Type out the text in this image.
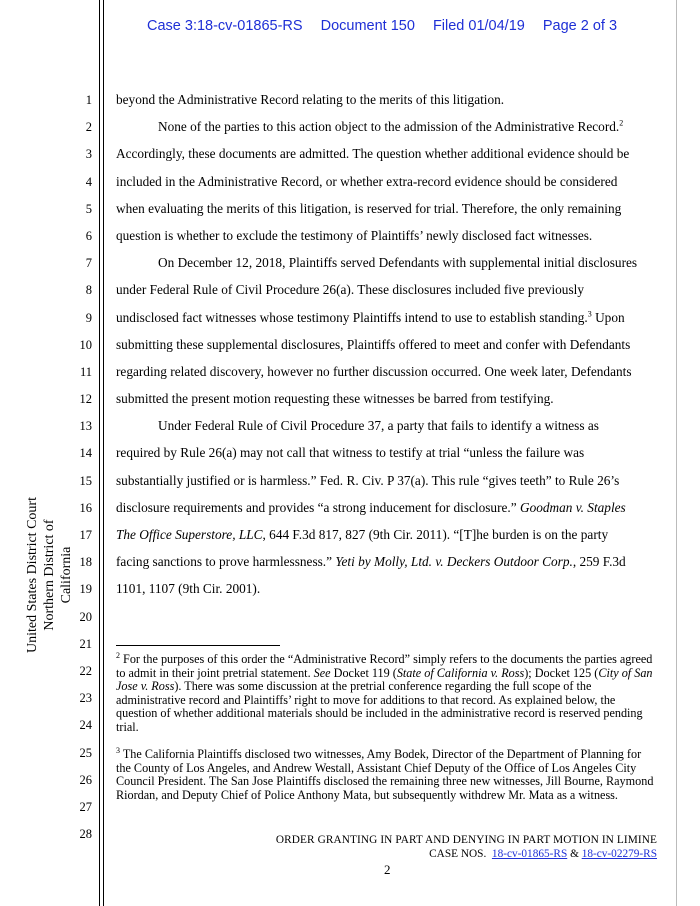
Case 3:18-cv-01865-RS Document 150 Filed 01/04/19 Page 2 of 3
United States District Court Northern District of California
1
2
3
4
5
6
7
8
9
10
11
12
13
14
15
16
17
18
19
20
21
22
23
24
25
26
27
28
beyond the Administrative Record relating to the merits of this litigation.
None of the parties to this action object to the admission of the Administrative Record.$^2$
Accordingly, these documents are admitted. The question whether additional evidence should be
included in the Administrative Record, or whether extra-record evidence should be considered
when evaluating the merits of this litigation, is reserved for trial. Therefore, the only remaining
question is whether to exclude the testimony of Plaintiffs’ newly disclosed fact witnesses.
On December 12, 2018, Plaintiffs served Defendants with supplemental initial disclosures
under Federal Rule of Civil Procedure 26(a). These disclosures included five previously
undisclosed fact witnesses whose testimony Plaintiffs intend to use to establish standing.$^3$ Upon
submitting these supplemental disclosures, Plaintiffs offered to meet and confer with Defendants
regarding related discovery, however no further discussion occurred. One week later, Defendants
submitted the present motion requesting these witnesses be barred from testifying.
Under Federal Rule of Civil Procedure 37, a party that fails to identify a witness as
required by Rule 26(a) may not call that witness to testify at trial “unless the failure was
substantially justified or is harmless.” Fed. R. Civ. P 37(a). This rule “gives teeth” to Rule 26’s
disclosure requirements and provides “a strong inducement for disclosure.” Goodman v. Staples
The Office Superstore, LLC, 644 F.3d 817, 827 (9th Cir. 2011). “[T]he burden is on the party
facing sanctions to prove harmlessness.” Yeti by Molly, Ltd. v. Deckers Outdoor Corp., 259 F.3d
1101, 1107 (9th Cir. 2001).
$^2$ For the purposes of this order the “Administrative Record” simply refers to the documents the parties agreed to admit in their joint pretrial statement. See Docket 119 (State of California v. Ross); Docket 125 (City of San Jose v. Ross). There was some discussion at the pretrial conference regarding the full scope of the administrative record and Plaintiffs’ right to move for additions to that record. As explained below, the question of whether additional materials should be included in the administrative record is reserved pending trial.
$^3$ The California Plaintiffs disclosed two witnesses, Amy Bodek, Director of the Department of Planning for the County of Los Angeles, and Andrew Westall, Assistant Chief Deputy of the Office of Los Angeles City Council President. The San Jose Plaintiffs disclosed the remaining three new witnesses, Jill Bourne, Raymond Riordan, and Deputy Chief of Police Anthony Mata, but subsequently withdrew Mr. Mata as a witness.
ORDER GRANTING IN PART AND DENYING IN PART MOTION IN LIMINE
CASE NOS. 18-cv-01865-RS & 18-cv-02279-RS
2
